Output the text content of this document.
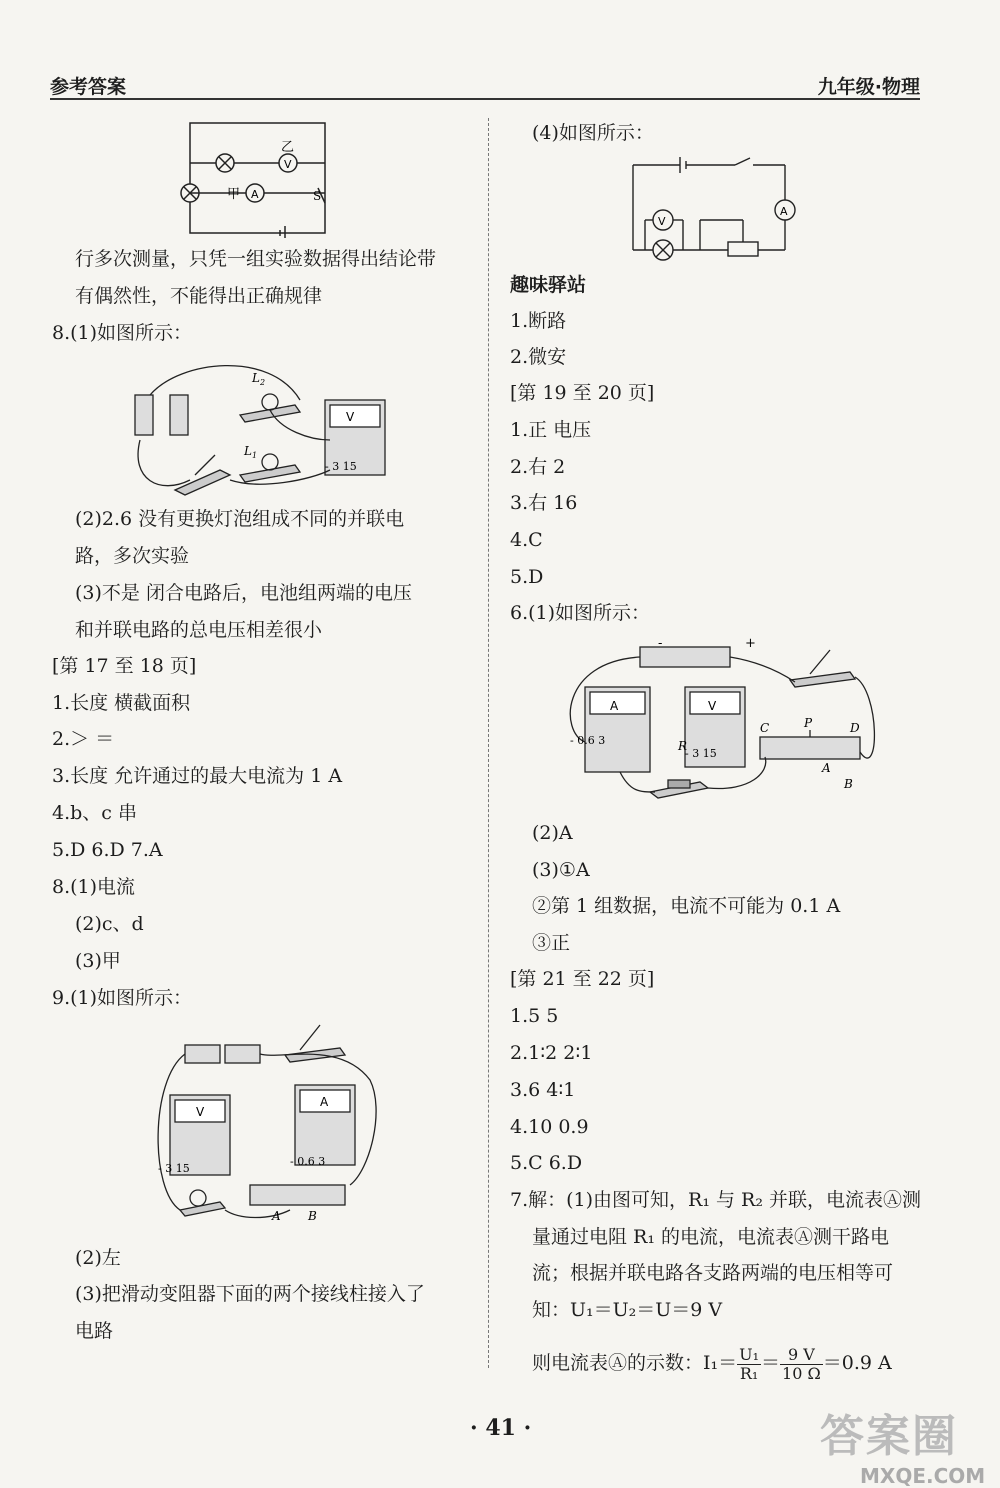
参考答案	九年级·物理
V
A
乙
甲	S
行多次测量，只凭一组实验数据得出结论带
有偶然性，不能得出正确规律
8.(1)如图所示：
V
$L_2$
$L_1$
- 3 15
(2)2.6 没有更换灯泡组成不同的并联电
路，多次实验
(3)不是 闭合电路后，电池组两端的电压
和并联电路的总电压相差很小
[第 17 至 18 页]
1.长度 横截面积
2.＞ ＝
3.长度 允许通过的最大电流为 1 A
4.b、c 串
5.D 6.D 7.A
8.(1)电流
(2)c、d
(3)甲
9.(1)如图所示：
V
A
- 3 15
- 0.6 3
A B
(2)左
(3)把滑动变阻器下面的两个接线柱接入了
电路
(4)如图所示：
V
A
趣味驿站
1.断路
2.微安
[第 19 至 20 页]
1.正 电压
2.右 2
3.右 16
4.C
5.D
6.(1)如图所示：
A	V
-	+
- 0.6 3
- 3 15
C	P	D
R
A
B
(2)A
(3)①A
②第 1 组数据，电流不可能为 0.1 A
③正
[第 21 至 22 页]
1.5 5
2.1∶2 2∶1
3.6 4∶1
4.10 0.9
5.C 6.D
7.解：(1)由图可知，R₁ 与 R₂ 并联，电流表Ⓐ测
量通过电阻 R₁ 的电流，电流表Ⓐ测干路电
流；根据并联电路各支路两端的电压相等可
知：U₁＝U₂＝U＝9 V
则电流表Ⓐ的示数：$I_1= \frac{\text{U₁}}{\text{R₁}} = \frac{9 V}{10 \Omega} =0.9$ A
· 41 ·	答案圈
MXQE.COM
